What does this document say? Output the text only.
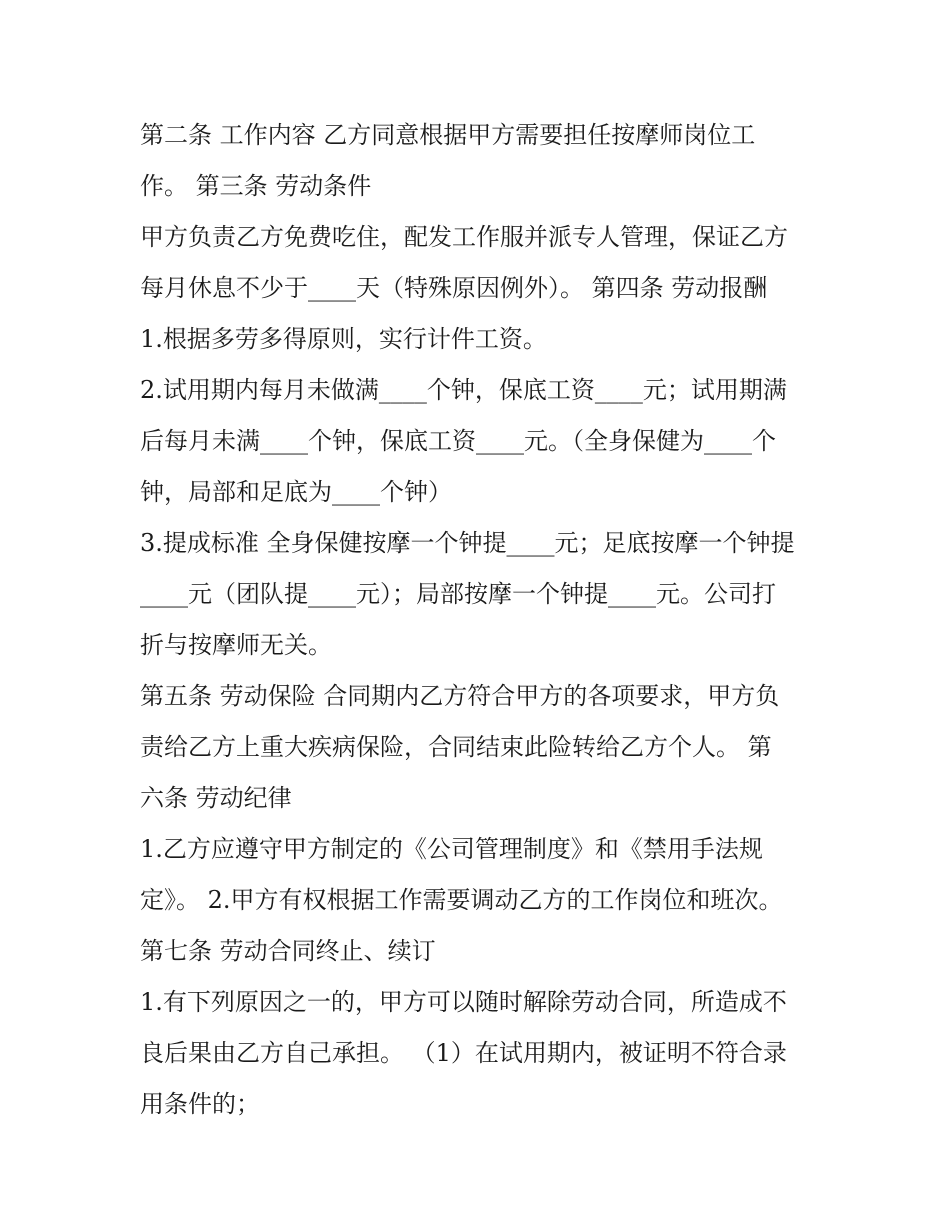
第二条 工作内容 乙方同意根据甲方需要担任按摩师岗位工
作。 第三条 劳动条件
甲方负责乙方免费吃住，配发工作服并派专人管理，保证乙方
每月休息不少于____天（特殊原因例外）。 第四条 劳动报酬
1.根据多劳多得原则，实行计件工资。
2.试用期内每月未做满____个钟，保底工资____元；试用期满
后每月未满____个钟，保底工资____元。（全身保健为____个
钟，局部和足底为____个钟）
3.提成标准 全身保健按摩一个钟提____元；足底按摩一个钟提
____元（团队提____元）；局部按摩一个钟提____元。公司打
折与按摩师无关。
第五条 劳动保险 合同期内乙方符合甲方的各项要求，甲方负
责给乙方上重大疾病保险，合同结束此险转给乙方个人。 第
六条 劳动纪律
1.乙方应遵守甲方制定的《公司管理制度》和《禁用手法规
定》。 2.甲方有权根据工作需要调动乙方的工作岗位和班次。
第七条 劳动合同终止、续订
1.有下列原因之一的，甲方可以随时解除劳动合同，所造成不
良后果由乙方自己承担。 （1）在试用期内，被证明不符合录
用条件的；
